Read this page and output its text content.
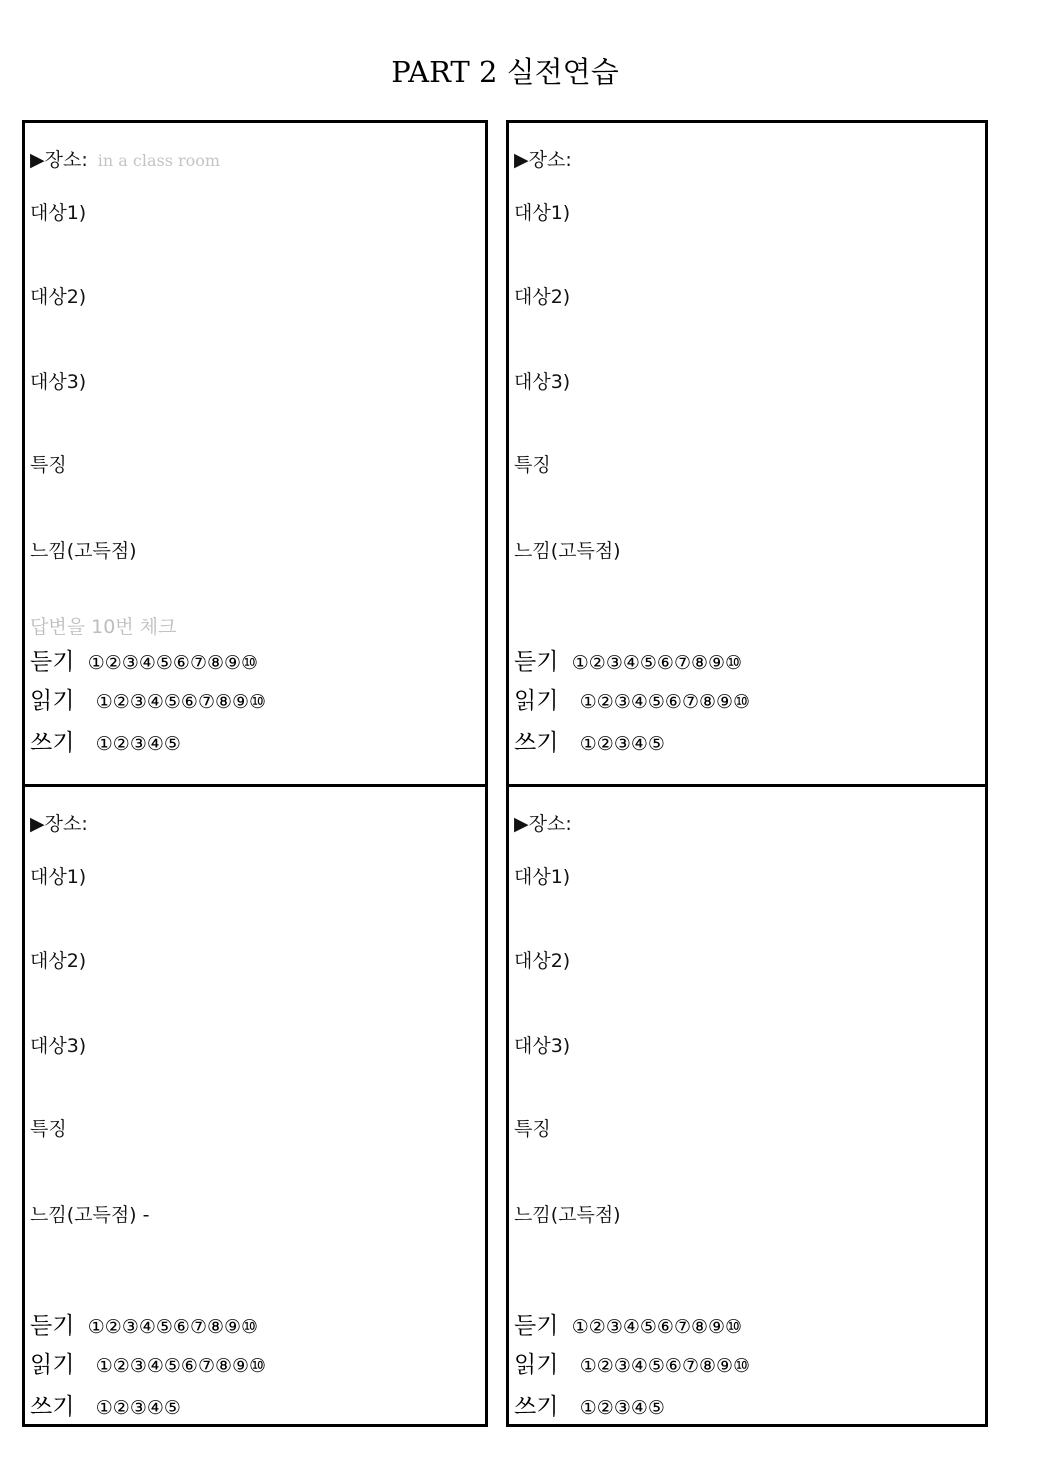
PART 2 실전연습
▶장소: in a class room
대상1)
대상2)
대상3)
특징
느낌(고득점)
답변을 10번 체크
듣기 ①②③④⑤⑥⑦⑧⑨⑩
읽기 ①②③④⑤⑥⑦⑧⑨⑩
쓰기 ①②③④⑤
▶장소:
대상1)
대상2)
대상3)
특징
느낌(고득점)
듣기 ①②③④⑤⑥⑦⑧⑨⑩
읽기 ①②③④⑤⑥⑦⑧⑨⑩
쓰기 ①②③④⑤
▶장소:
대상1)
대상2)
대상3)
특징
느낌(고득점) -
듣기 ①②③④⑤⑥⑦⑧⑨⑩
읽기 ①②③④⑤⑥⑦⑧⑨⑩
쓰기 ①②③④⑤
▶장소:
대상1)
대상2)
대상3)
특징
느낌(고득점)
듣기 ①②③④⑤⑥⑦⑧⑨⑩
읽기 ①②③④⑤⑥⑦⑧⑨⑩
쓰기 ①②③④⑤
